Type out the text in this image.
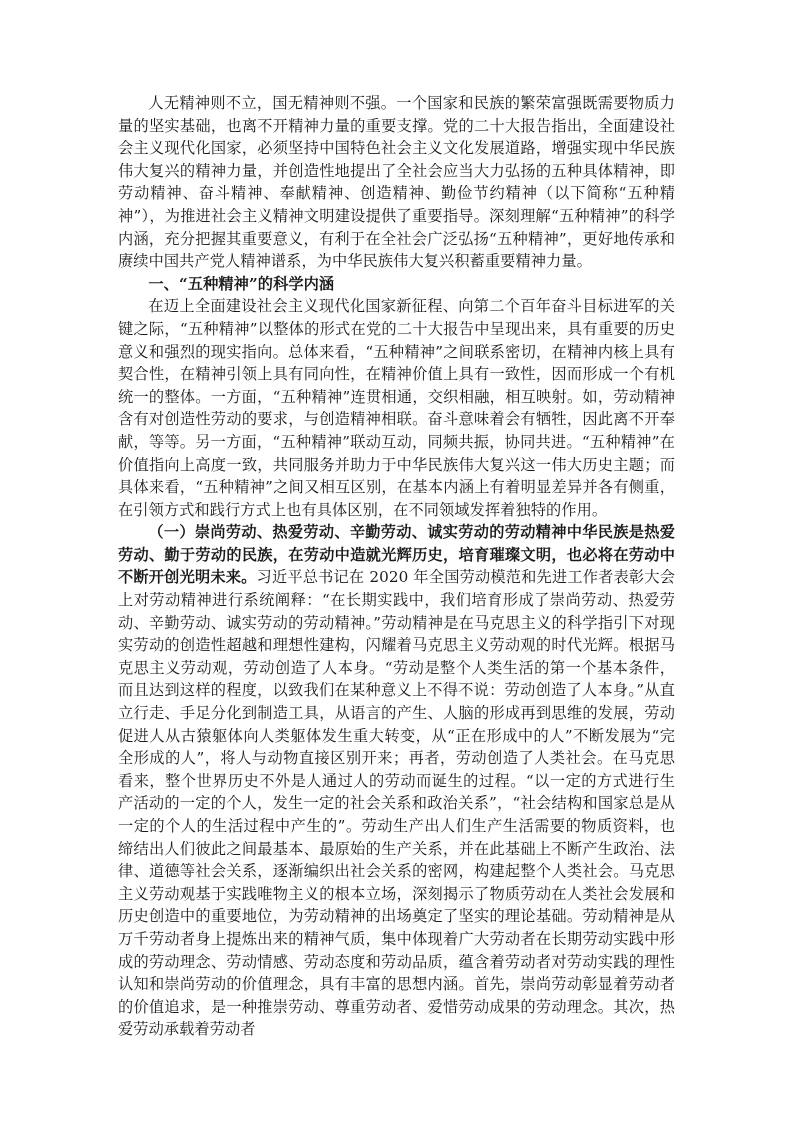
人无精神则不立，国无精神则不强。一个国家和民族的繁荣富强既需要物质力量的坚实基础，也离不开精神力量的重要支撑。党的二十大报告指出，全面建设社会主义现代化国家，必须坚持中国特色社会主义文化发展道路，增强实现中华民族伟大复兴的精神力量，并创造性地提出了全社会应当大力弘扬的五种具体精神，即劳动精神、奋斗精神、奉献精神、创造精神、勤俭节约精神（以下简称“五种精神”），为推进社会主义精神文明建设提供了重要指导。深刻理解“五种精神”的科学内涵，充分把握其重要意义，有利于在全社会广泛弘扬“五种精神”，更好地传承和赓续中国共产党人精神谱系，为中华民族伟大复兴积蓄重要精神力量。

一、“五种精神”的科学内涵

在迈上全面建设社会主义现代化国家新征程、向第二个百年奋斗目标进军的关键之际，“五种精神”以整体的形式在党的二十大报告中呈现出来，具有重要的历史意义和强烈的现实指向。总体来看，“五种精神”之间联系密切，在精神内核上具有契合性，在精神引领上具有同向性，在精神价值上具有一致性，因而形成一个有机统一的整体。一方面，“五种精神”连贯相通，交织相融，相互映射。如，劳动精神含有对创造性劳动的要求，与创造精神相联。奋斗意味着会有牺牲，因此离不开奉献，等等。另一方面，“五种精神”联动互动，同频共振，协同共进。“五种精神”在价值指向上高度一致，共同服务并助力于中华民族伟大复兴这一伟大历史主题；而具体来看，“五种精神”之间又相互区别，在基本内涵上有着明显差异并各有侧重，在引领方式和践行方式上也有具体区别，在不同领域发挥着独特的作用。

（一）崇尚劳动、热爱劳动、辛勤劳动、诚实劳动的劳动精神中华民族是热爱劳动、勤于劳动的民族，在劳动中造就光辉历史，培育璀璨文明，也必将在劳动中不断开创光明未来。习近平总书记在 2020 年全国劳动模范和先进工作者表彰大会上对劳动精神进行系统阐释：“在长期实践中，我们培育形成了崇尚劳动、热爱劳动、辛勤劳动、诚实劳动的劳动精神。”劳动精神是在马克思主义的科学指引下对现实劳动的创造性超越和理想性建构，闪耀着马克思主义劳动观的时代光辉。根据马克思主义劳动观，劳动创造了人本身。“劳动是整个人类生活的第一个基本条件，而且达到这样的程度，以致我们在某种意义上不得不说：劳动创造了人本身。”从直立行走、手足分化到制造工具，从语言的产生、人脑的形成再到思维的发展，劳动促进人从古猿躯体向人类躯体发生重大转变，从“正在形成中的人”不断发展为“完全形成的人”，将人与动物直接区别开来；再者，劳动创造了人类社会。在马克思看来，整个世界历史不外是人通过人的劳动而诞生的过程。“以一定的方式进行生产活动的一定的个人，发生一定的社会关系和政治关系”，“社会结构和国家总是从一定的个人的生活过程中产生的”。劳动生产出人们生产生活需要的物质资料，也缔结出人们彼此之间最基本、最原始的生产关系，并在此基础上不断产生政治、法律、道德等社会关系，逐渐编织出社会关系的密网，构建起整个人类社会。马克思主义劳动观基于实践唯物主义的根本立场，深刻揭示了物质劳动在人类社会发展和历史创造中的重要地位，为劳动精神的出场奠定了坚实的理论基础。劳动精神是从万千劳动者身上提炼出来的精神气质，集中体现着广大劳动者在长期劳动实践中形成的劳动理念、劳动情感、劳动态度和劳动品质，蕴含着劳动者对劳动实践的理性认知和崇尚劳动的价值理念，具有丰富的思想内涵。首先，崇尚劳动彰显着劳动者的价值追求，是一种推崇劳动、尊重劳动者、爱惜劳动成果的劳动理念。其次，热爱劳动承载着劳动者
